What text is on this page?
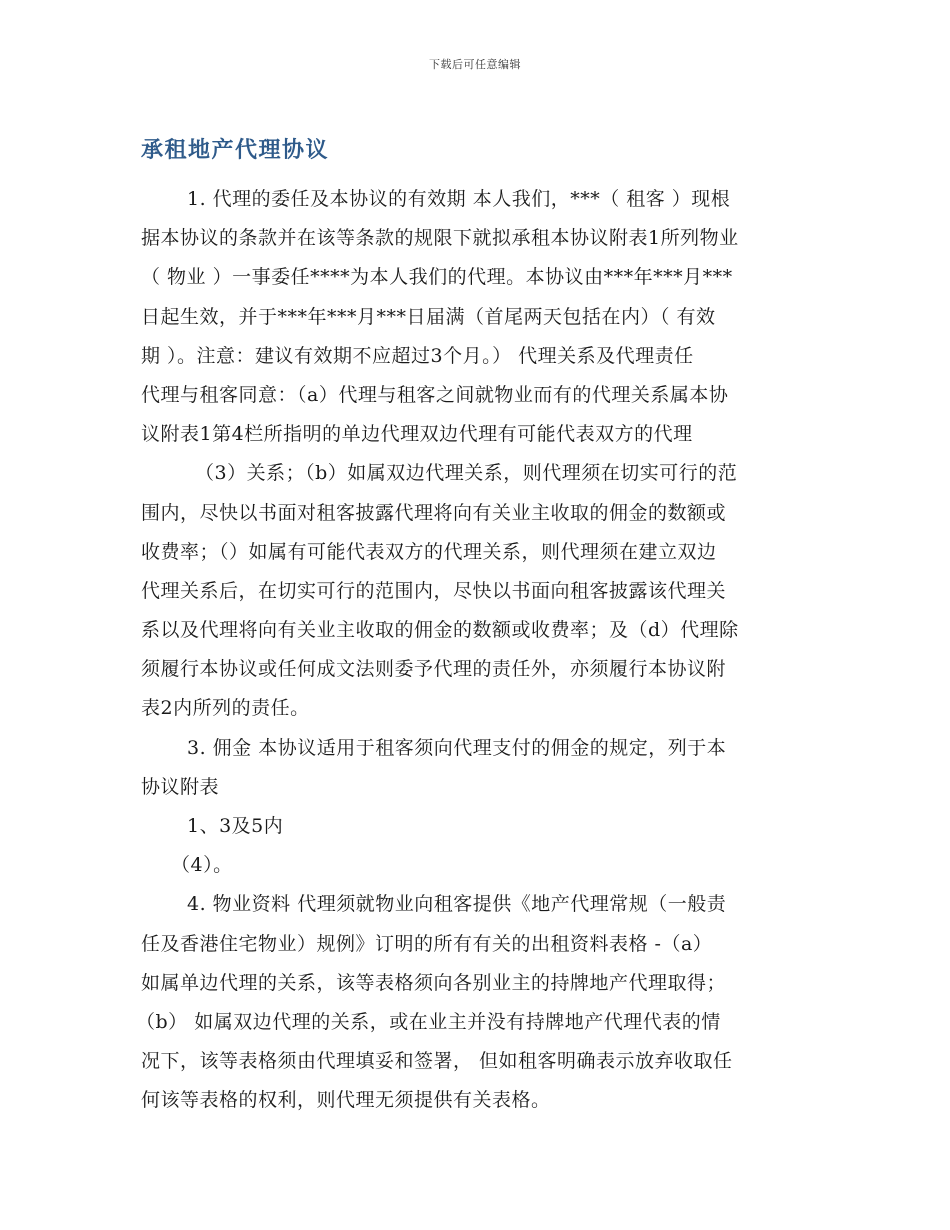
下载后可任意编辑
承租地产代理协议
1. 代理的委任及本协议的有效期 本人我们，***（ 租客 ）现根
据本协议的条款并在该等条款的规限下就拟承租本协议附表1所列物业
（ 物业 ）一事委任****为本人我们的代理。本协议由***年***月***
日起生效，并于***年***月***日届满（首尾两天包括在内）（ 有效
期 ）。注意：建议有效期不应超过3个月。） 代理关系及代理责任
代理与租客同意：（a）代理与租客之间就物业而有的代理关系属本协
议附表1第4栏所指明的单边代理双边代理有可能代表双方的代理
（3）关系；（b）如属双边代理关系，则代理须在切实可行的范
围内，尽快以书面对租客披露代理将向有关业主收取的佣金的数额或
收费率；（）如属有可能代表双方的代理关系，则代理须在建立双边
代理关系后，在切实可行的范围内，尽快以书面向租客披露该代理关
系以及代理将向有关业主收取的佣金的数额或收费率；及（d）代理除
须履行本协议或任何成文法则委予代理的责任外，亦须履行本协议附
表2内所列的责任。
3. 佣金 本协议适用于租客须向代理支付的佣金的规定，列于本
协议附表
1、3及5内
（4）。
4. 物业资料 代理须就物业向租客提供《地产代理常规（一般责
任及香港住宅物业）规例》订明的所有有关的出租资料表格 -（a）
如属单边代理的关系，该等表格须向各别业主的持牌地产代理取得；
（b） 如属双边代理的关系，或在业主并没有持牌地产代理代表的情
况下，该等表格须由代理填妥和签署， 但如租客明确表示放弃收取任
何该等表格的权利，则代理无须提供有关表格。
